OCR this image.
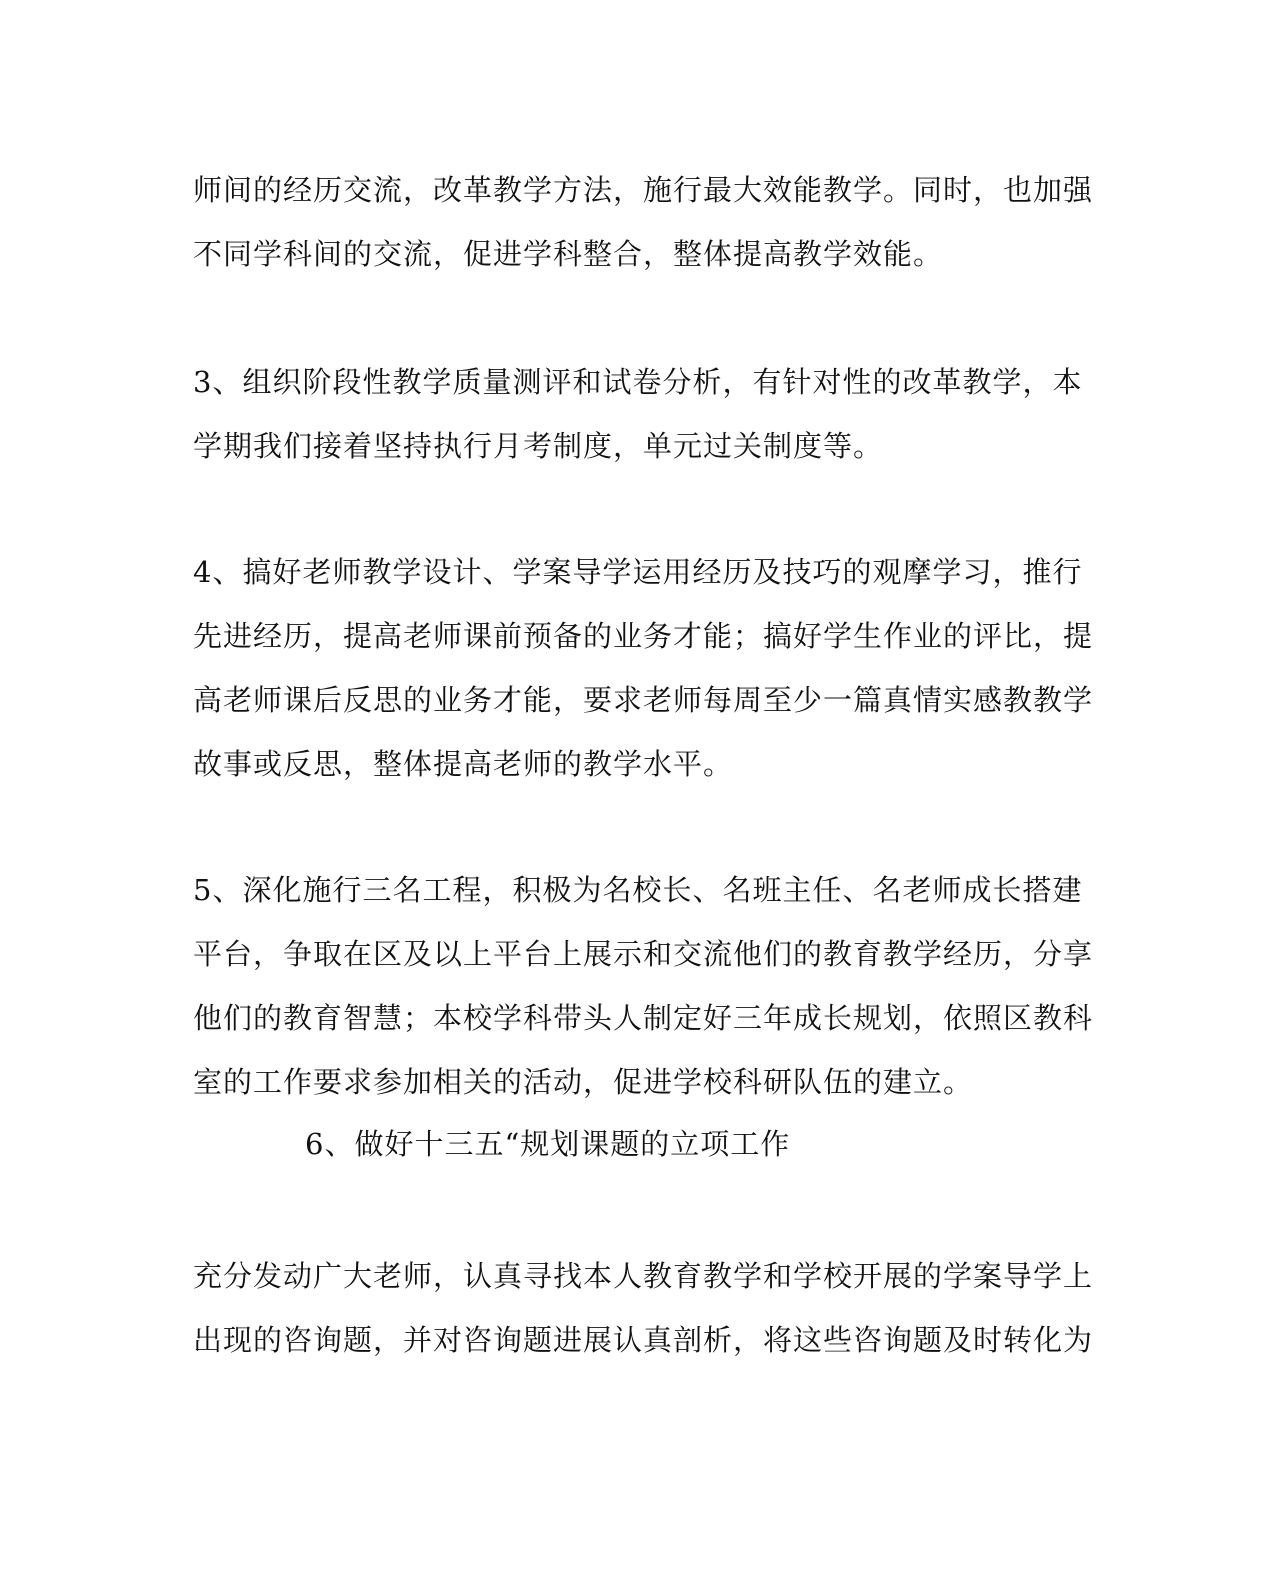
师间的经历交流，改革教学方法，施行最大效能教学。同时，也加强
不同学科间的交流，促进学科整合，整体提高教学效能。
3、组织阶段性教学质量测评和试卷分析，有针对性的改革教学，本
学期我们接着坚持执行月考制度，单元过关制度等。
4、搞好老师教学设计、学案导学运用经历及技巧的观摩学习，推行
先进经历，提高老师课前预备的业务才能；搞好学生作业的评比，提
高老师课后反思的业务才能，要求老师每周至少一篇真情实感教教学
故事或反思，整体提高老师的教学水平。
5、深化施行三名工程，积极为名校长、名班主任、名老师成长搭建
平台，争取在区及以上平台上展示和交流他们的教育教学经历，分享
他们的教育智慧；本校学科带头人制定好三年成长规划，依照区教科
室的工作要求参加相关的活动，促进学校科研队伍的建立。
6、做好十三五“规划课题的立项工作
充分发动广大老师，认真寻找本人教育教学和学校开展的学案导学上
出现的咨询题，并对咨询题进展认真剖析，将这些咨询题及时转化为
